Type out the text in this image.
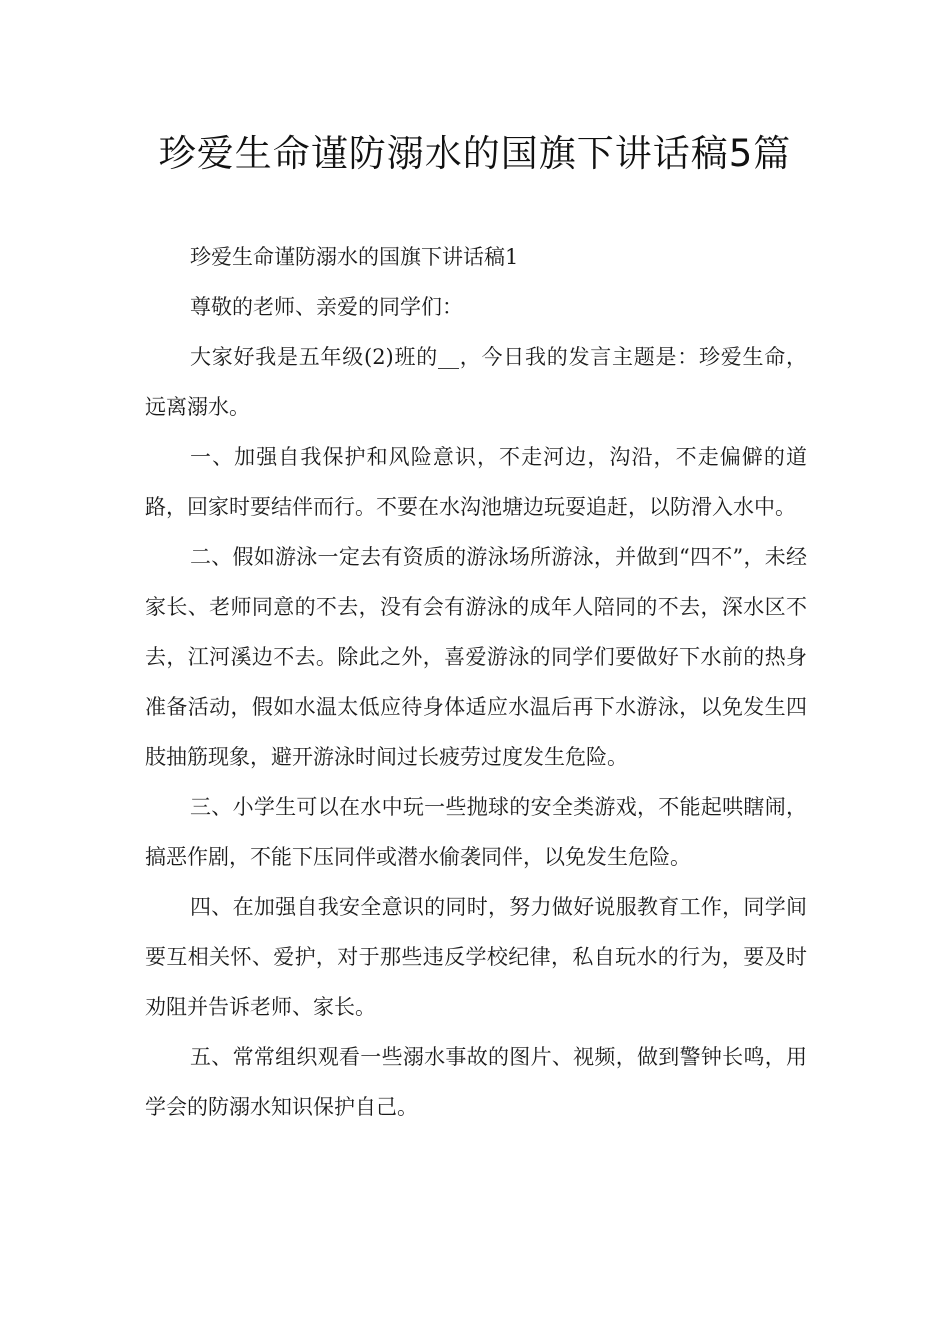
珍爱生命谨防溺水的国旗下讲话稿5篇

珍爱生命谨防溺水的国旗下讲话稿1

尊敬的老师、亲爱的同学们：

大家好我是五年级(2)班的__，今日我的发言主题是：珍爱生命，远离溺水。

一、加强自我保护和风险意识，不走河边，沟沿，不走偏僻的道路，回家时要结伴而行。不要在水沟池塘边玩耍追赶，以防滑入水中。

二、假如游泳一定去有资质的游泳场所游泳，并做到“四不”，未经家长、老师同意的不去，没有会有游泳的成年人陪同的不去，深水区不去，江河溪边不去。除此之外，喜爱游泳的同学们要做好下水前的热身准备活动，假如水温太低应待身体适应水温后再下水游泳，以免发生四肢抽筋现象，避开游泳时间过长疲劳过度发生危险。

三、小学生可以在水中玩一些抛球的安全类游戏，不能起哄瞎闹，搞恶作剧，不能下压同伴或潜水偷袭同伴，以免发生危险。

四、在加强自我安全意识的同时，努力做好说服教育工作，同学间要互相关怀、爱护，对于那些违反学校纪律，私自玩水的行为，要及时劝阻并告诉老师、家长。

五、常常组织观看一些溺水事故的图片、视频，做到警钟长鸣，用学会的防溺水知识保护自己。
